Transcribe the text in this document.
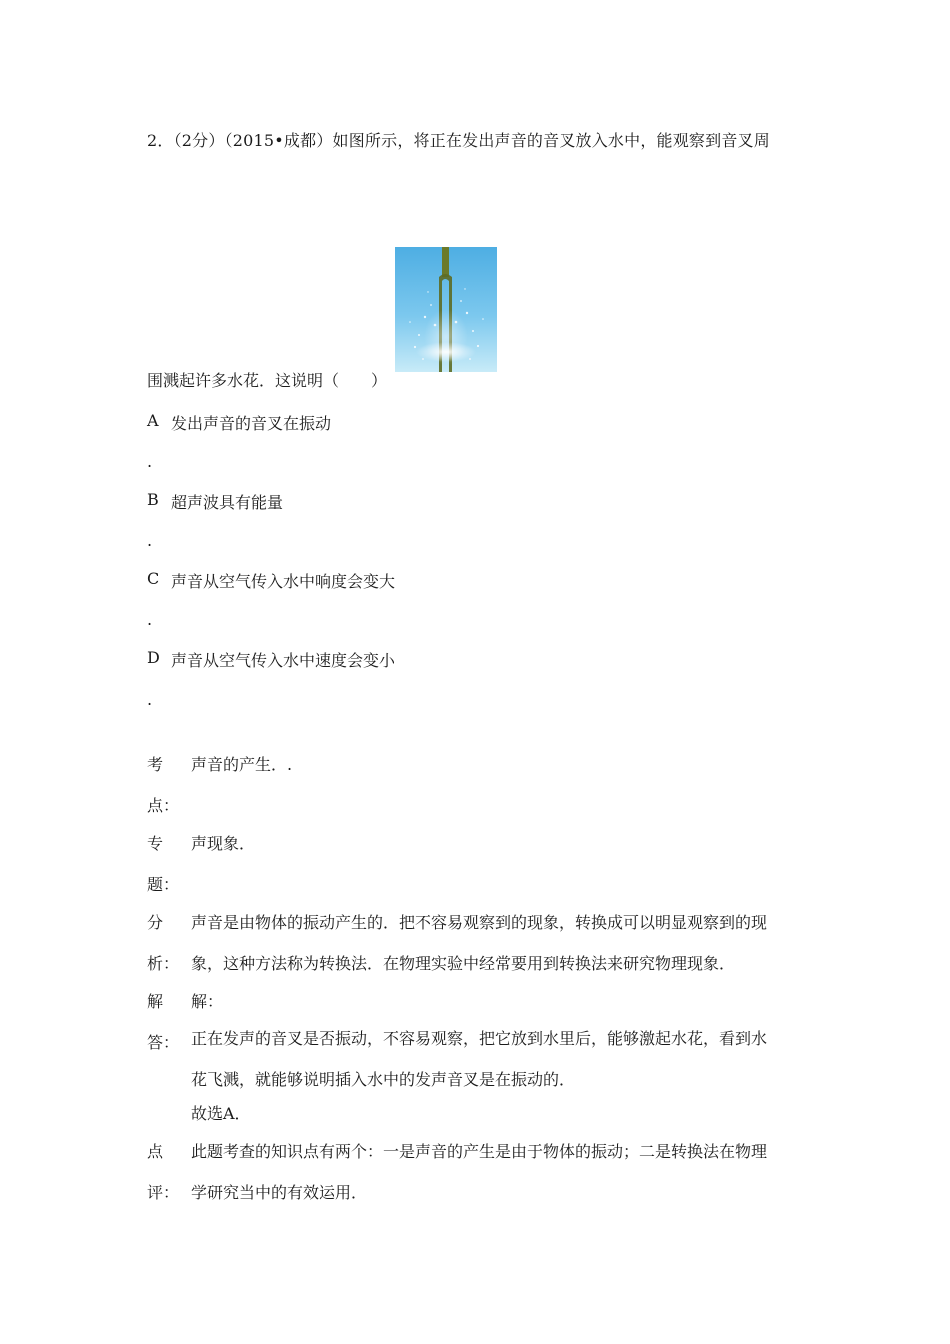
2．（2分）（2015•成都）如图所示，将正在发出声音的音叉放入水中，能观察到音叉周
围溅起许多水花．这说明（　　）
A 发出声音的音叉在振动
.
B 超声波具有能量
.
C 声音从空气传入水中响度会变大
.
D 声音从空气传入水中速度会变小
.
考 声音的产生．.
点：
专 声现象．
题：
分 声音是由物体的振动产生的．把不容易观察到的现象，转换成可以明显观察到的现
析： 象，这种方法称为转换法．在物理实验中经常要用到转换法来研究物理现象．
解 解：
答： 正在发声的音叉是否振动，不容易观察，把它放到水里后，能够激起水花，看到水
花飞溅，就能够说明插入水中的发声音叉是在振动的．
故选A．
点 此题考查的知识点有两个：一是声音的产生是由于物体的振动；二是转换法在物理
评： 学研究当中的有效运用．
